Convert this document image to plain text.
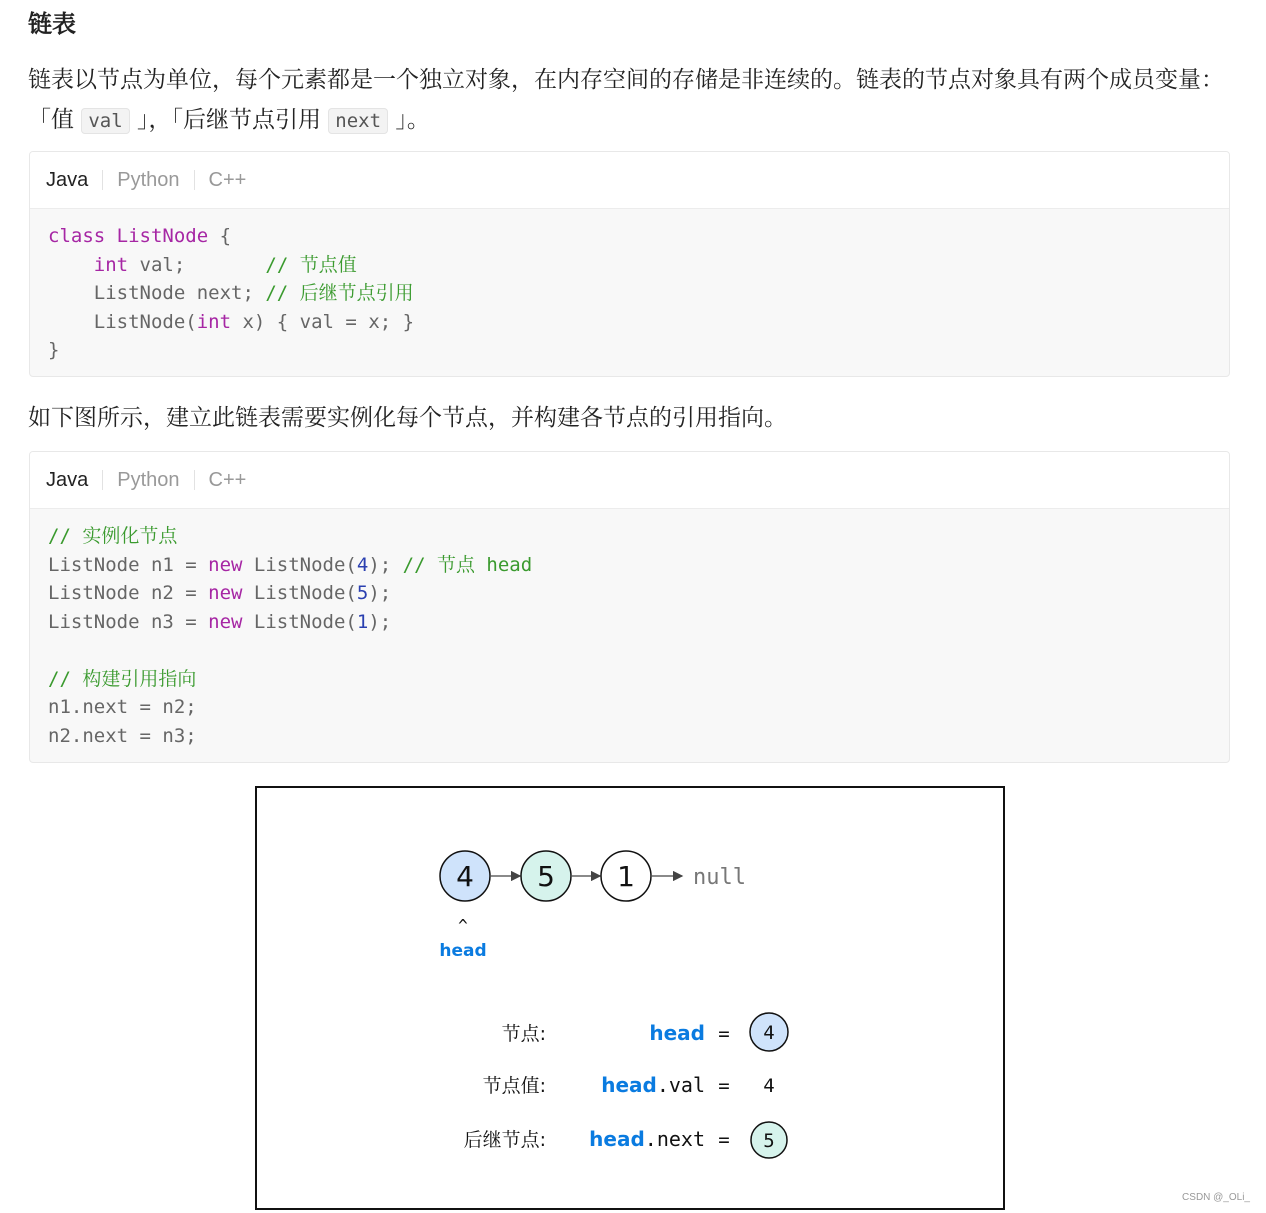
链表

链表以节点为单位，每个元素都是一个独立对象，在内存空间的存储是非连续的。链表的节点对象具有两个成员变量：「值 val 」，「后继节点引用 next 」。

Java	Python	C++
class ListNode {
int val;       // 节点值
ListNode next; // 后继节点引用
ListNode(int x) { val = x; }
}

如下图所示，建立此链表需要实例化每个节点，并构建各节点的引用指向。

Java	Python	C++
// 实例化节点
ListNode n1 = new ListNode(4); // 节点 head
ListNode n2 = new ListNode(5);
ListNode n3 = new ListNode(1);

// 构建引用指向
n1.next = n2;
n2.next = n3;
4 5 1	null
^
head
节点:	head = 4
节点值:	head.val = 4
后继节点: head.next = 5
CSDN @_OLi_
